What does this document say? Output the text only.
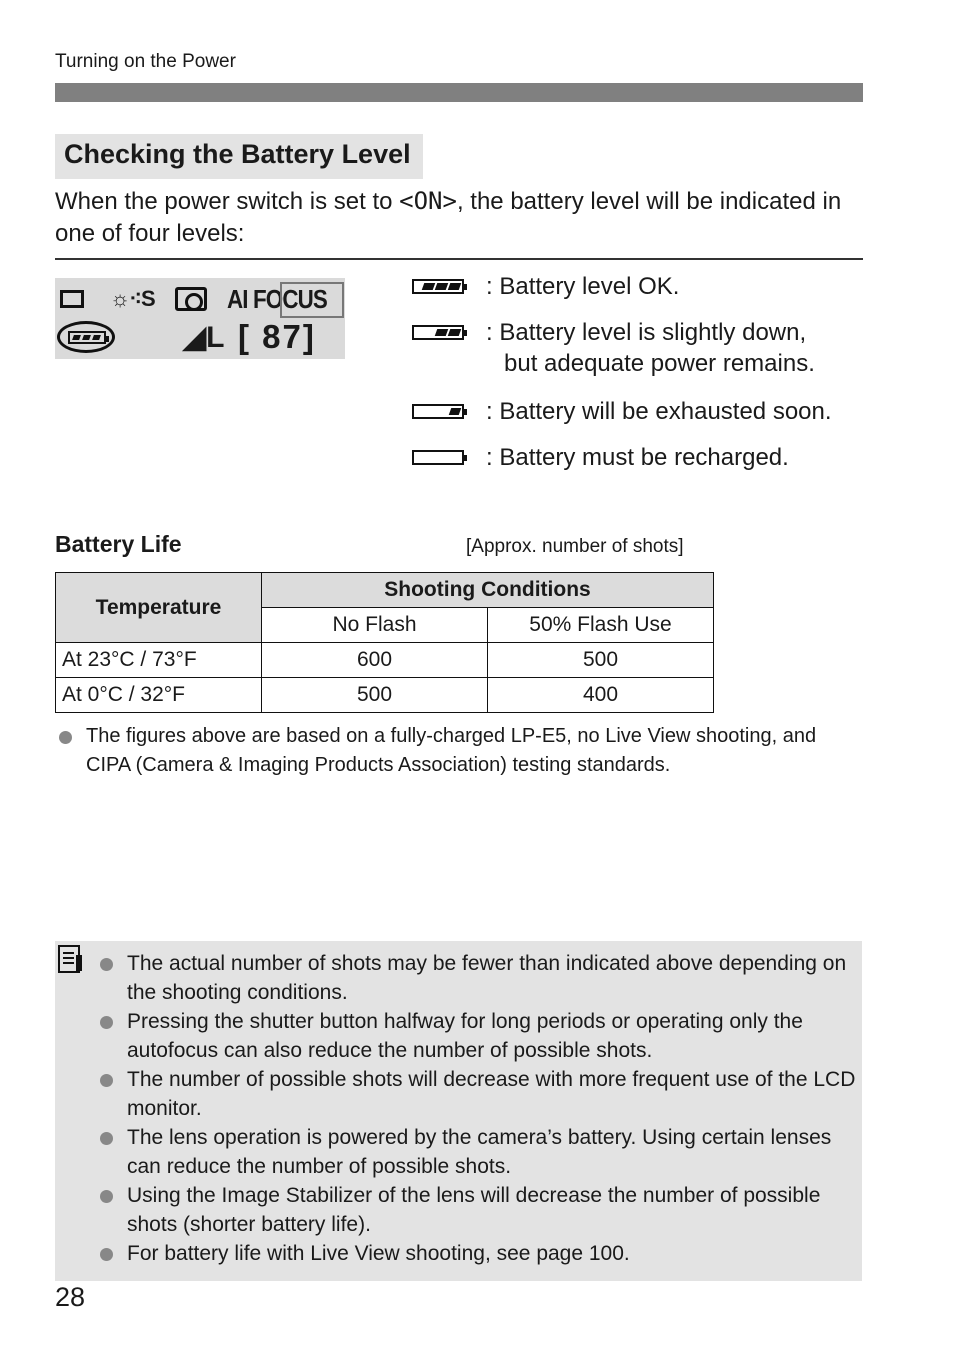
Turning on the Power
Checking the Battery Level
When the power switch is set to <ON>, the battery level will be indicated in one of four levels:
☼⁖S	AI FOCUS
◢L [ 87]
: Battery level OK.
: Battery level is slightly down,
but adequate power remains.
: Battery will be exhausted soon.
: Battery must be recharged.
Battery Life	[Approx. number of shots]
Temperature	Shooting Conditions	
	No Flash	50% Flash Use
At 23°C / 73°F	600	500
At 0°C / 32°F	500	400
The figures above are based on a fully-charged LP-E5, no Live View shooting, and CIPA (Camera & Imaging Products Association) testing standards.
The actual number of shots may be fewer than indicated above depending on the shooting conditions.
Pressing the shutter button halfway for long periods or operating only the autofocus can also reduce the number of possible shots.
The number of possible shots will decrease with more frequent use of the LCD monitor.
The lens operation is powered by the camera’s battery. Using certain lenses can reduce the number of possible shots.
Using the Image Stabilizer of the lens will decrease the number of possible shots (shorter battery life).
For battery life with Live View shooting, see page 100.
28
